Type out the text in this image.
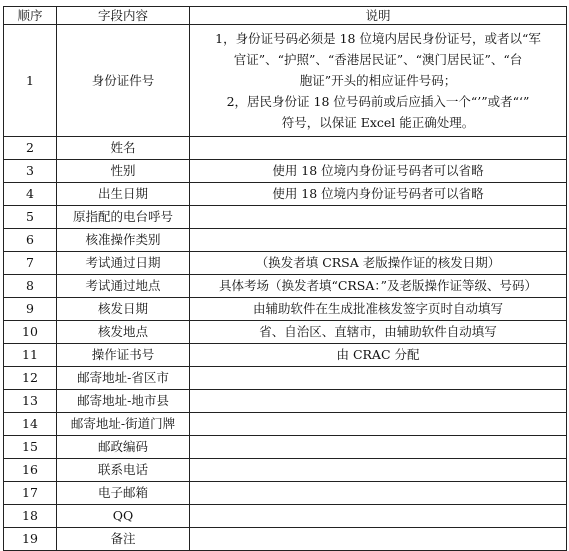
顺序	字段内容	说明
1	身份证件号	1，身份证号码必须是 18 位境内居民身份证号，或者以“军
官证”、“护照”、“香港居民证”、“澳门居民证”、“台
胞证”开头的相应证件号码；
2，居民身份证 18 位号码前或后应插入一个“’”或者“‘”
符号，以保证 Excel 能正确处理。

2	姓名	
3	性别	使用 18 位境内身份证号码者可以省略
4	出生日期	使用 18 位境内身份证号码者可以省略
5	原指配的电台呼号	
6	核准操作类别	
7	考试通过日期	（换发者填 CRSA 老版操作证的核发日期）
8	考试通过地点	具体考场（换发者填“CRSA：”及老版操作证等级、号码）
9	核发日期	由辅助软件在生成批准核发签字页时自动填写
10	核发地点	省、自治区、直辖市，由辅助软件自动填写
11	操作证书号	由 CRAC 分配
12	邮寄地址-省区市	
13	邮寄地址-地市县	
14	邮寄地址-街道门牌	
15	邮政编码	
16	联系电话	
17	电子邮箱	
18	QQ	
19	备注	
